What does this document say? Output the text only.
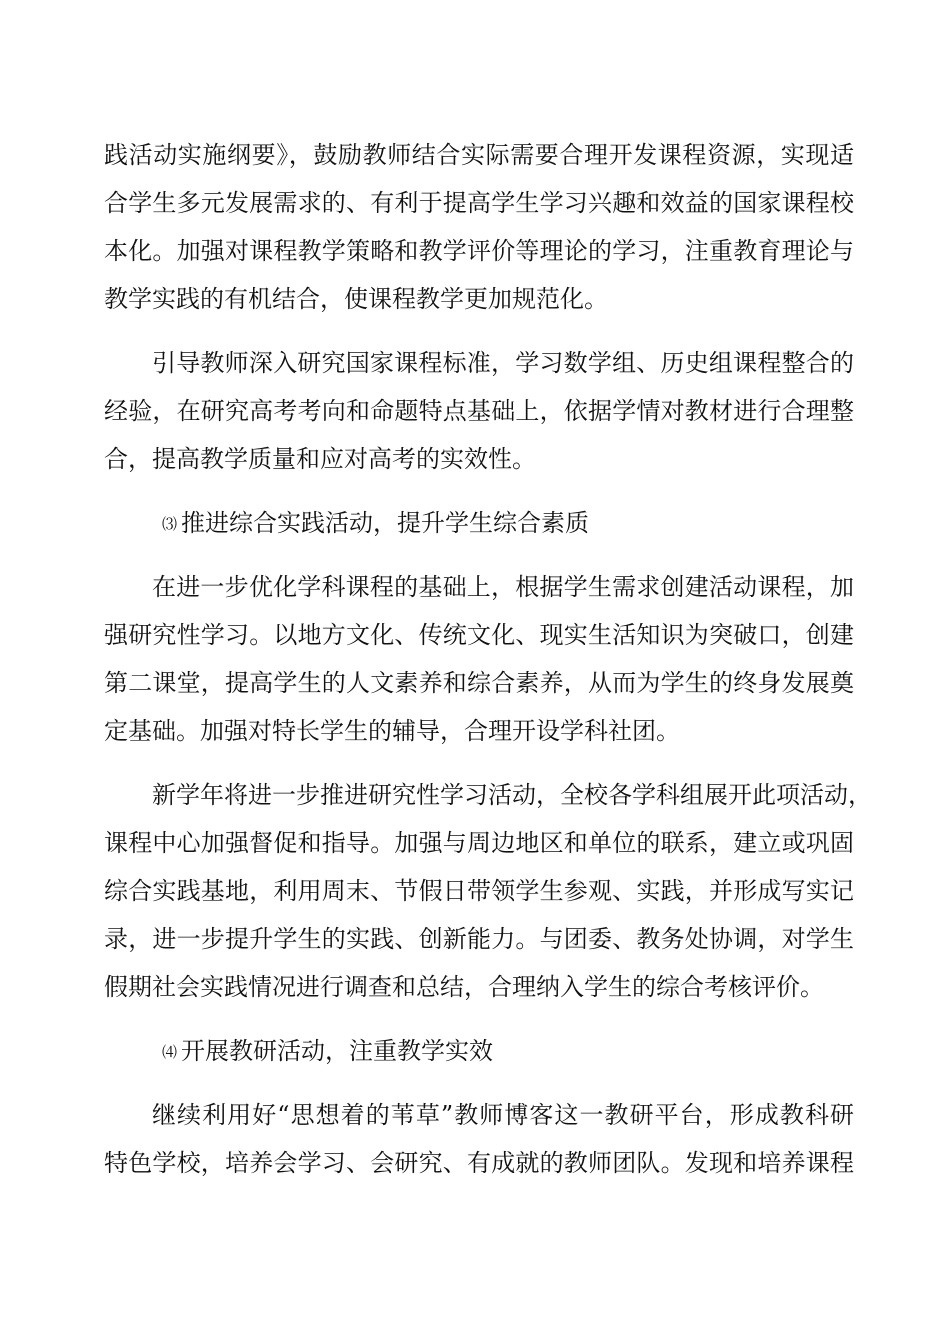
践活动实施纲要》，鼓励教师结合实际需要合理开发课程资源，实现适
合学生多元发展需求的、有利于提高学生学习兴趣和效益的国家课程校
本化。加强对课程教学策略和教学评价等理论的学习，注重教育理论与
教学实践的有机结合，使课程教学更加规范化。
引导教师深入研究国家课程标准，学习数学组、历史组课程整合的
经验，在研究高考考向和命题特点基础上，依据学情对教材进行合理整
合，提高教学质量和应对高考的实效性。
⑶ 推进综合实践活动，提升学生综合素质
在进一步优化学科课程的基础上，根据学生需求创建活动课程，加
强研究性学习。以地方文化、传统文化、现实生活知识为突破口，创建
第二课堂，提高学生的人文素养和综合素养，从而为学生的终身发展奠
定基础。加强对特长学生的辅导，合理开设学科社团。
新学年将进一步推进研究性学习活动，全校各学科组展开此项活动，
课程中心加强督促和指导。加强与周边地区和单位的联系，建立或巩固
综合实践基地，利用周末、节假日带领学生参观、实践，并形成写实记
录，进一步提升学生的实践、创新能力。与团委、教务处协调，对学生
假期社会实践情况进行调查和总结，合理纳入学生的综合考核评价。
⑷ 开展教研活动，注重教学实效
继续利用好“思想着的苇草”教师博客这一教研平台，形成教科研
特色学校，培养会学习、会研究、有成就的教师团队。发现和培养课程
